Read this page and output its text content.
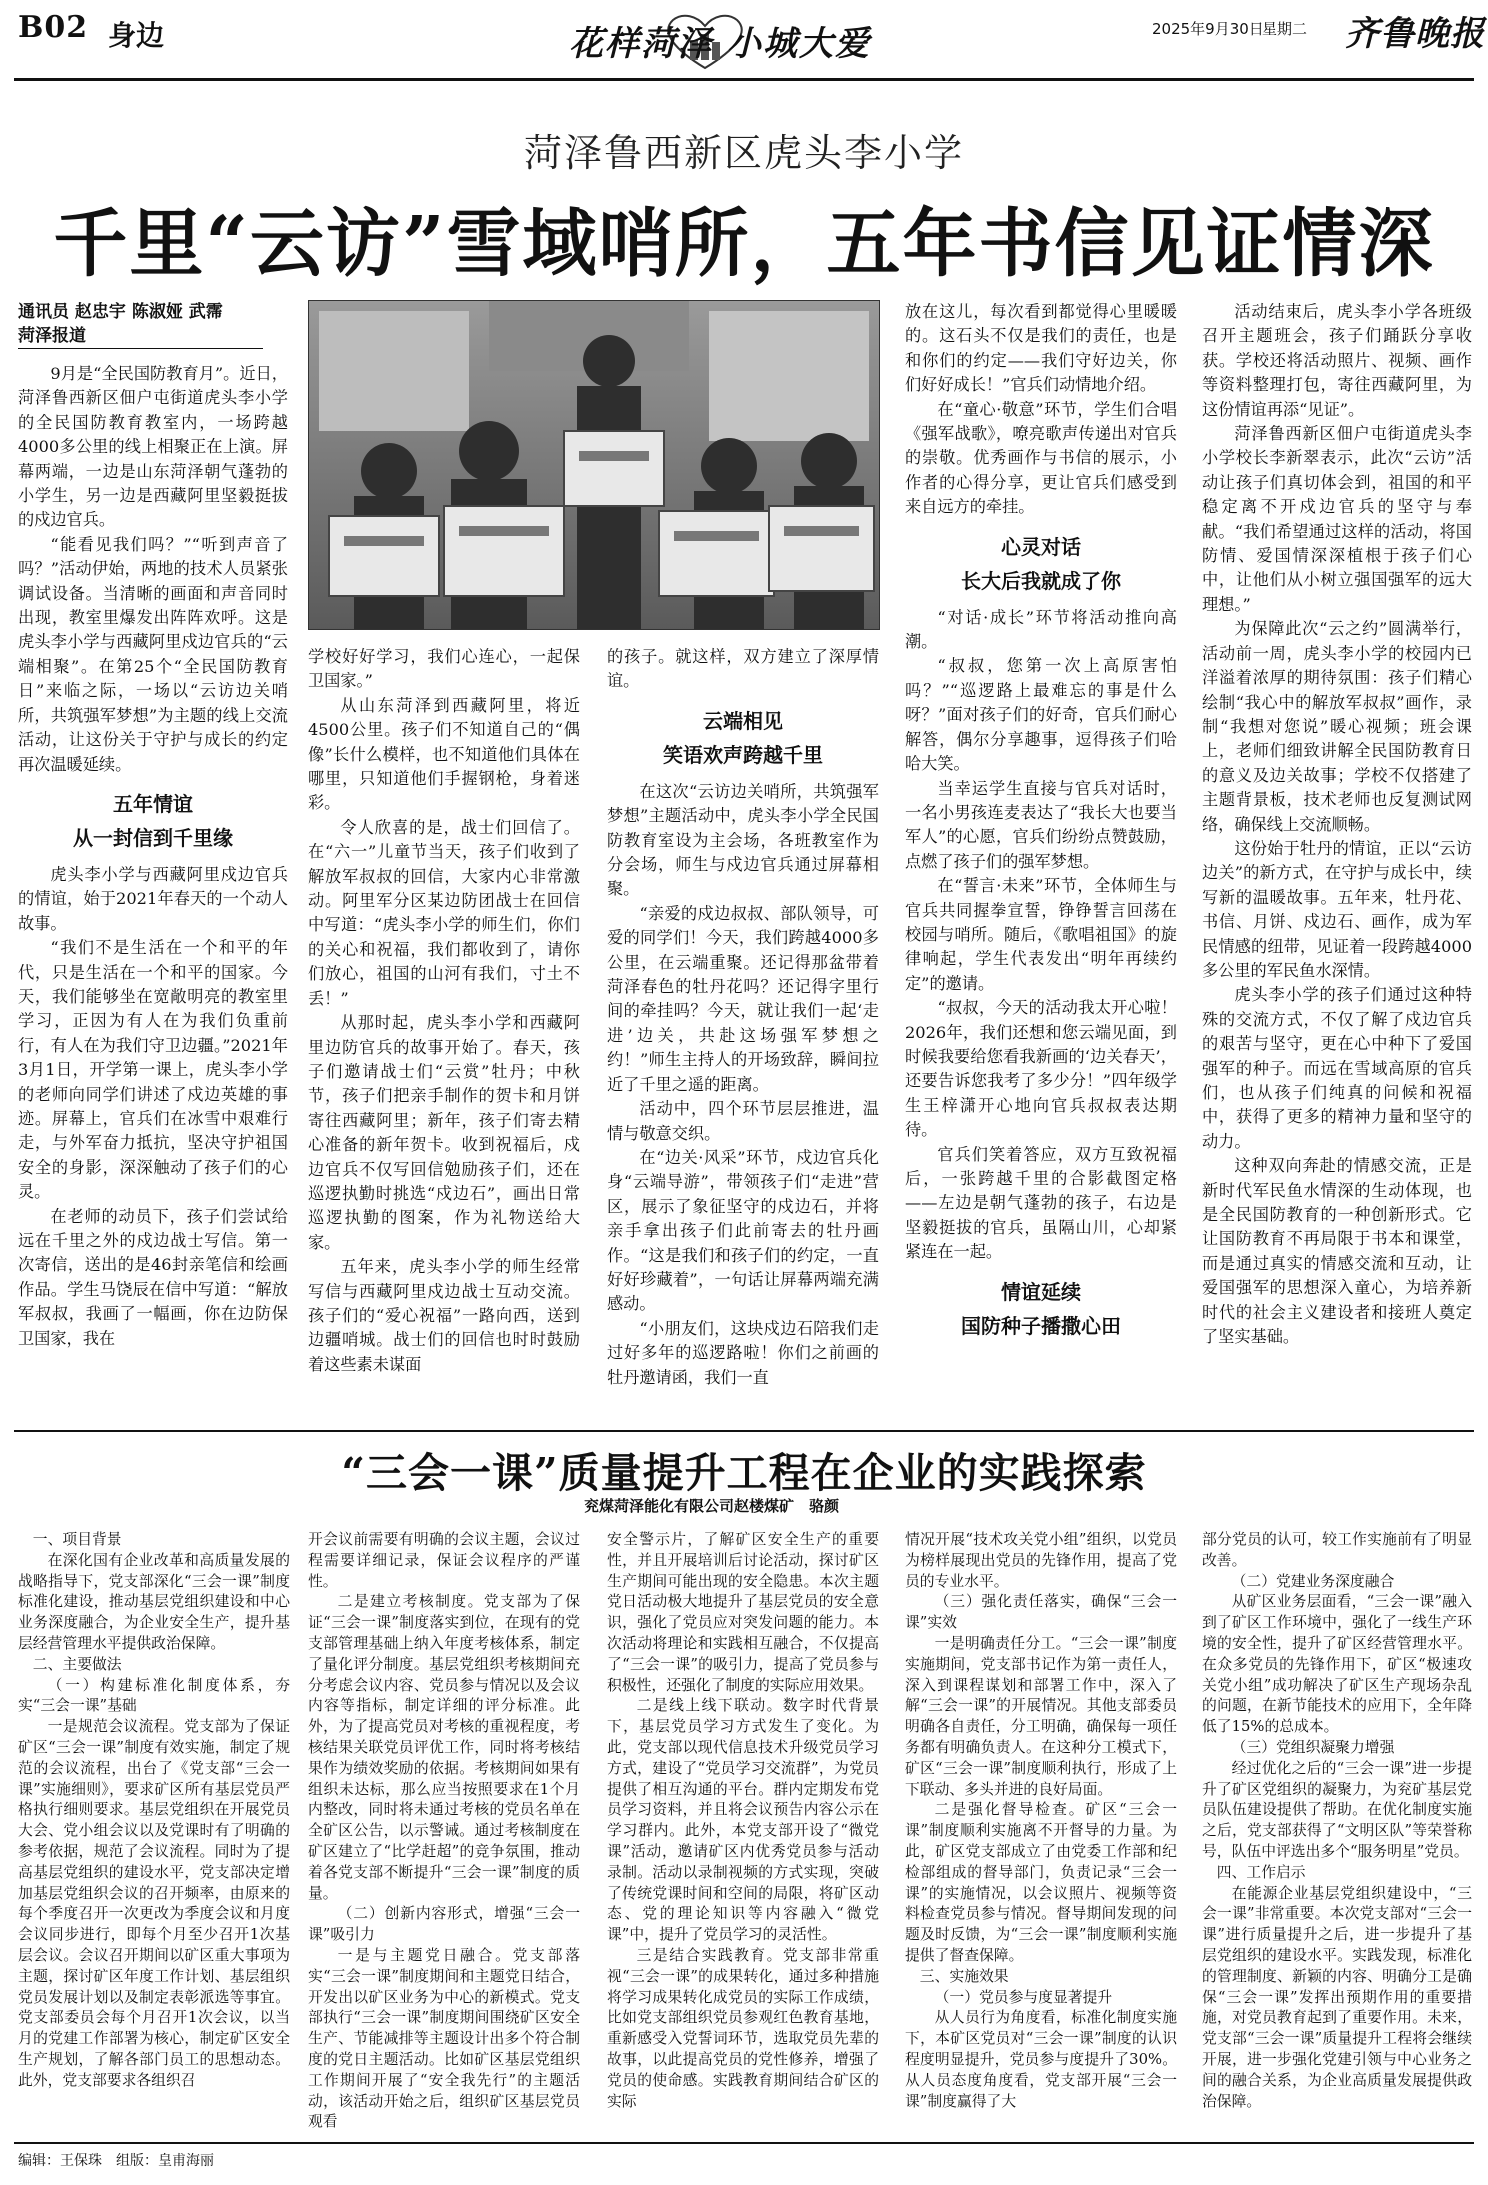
B02 身边	花样菏泽 小城大爱	2025年9月30日
星期二 齐鲁晚报
菏泽鲁西新区虎头李小学
千里“云访”雪域哨所，五年书信见证情深
通讯员 赵忠宇 陈淑娅 武霈
菏泽报道

9月是“全民国防教育月”。近日，菏泽鲁西新区佃户屯街道虎头李小学的全民国防教育教室内，一场跨越4000多公里的线上相聚正在上演。屏幕两端，一边是山东菏泽朝气蓬勃的小学生，另一边是西藏阿里坚毅挺拔的戍边官兵。

“能看见我们吗？”“听到声音了吗？”活动伊始，两地的技术人员紧张调试设备。当清晰的画面和声音同时出现，教室里爆发出阵阵欢呼。这是虎头李小学与西藏阿里戍边官兵的“云端相聚”。在第25个“全民国防教育日”来临之际，一场以“云访边关哨所，共筑强军梦想”为主题的线上交流活动，让这份关于守护与成长的约定再次温暖延续。

五年情谊
从一封信到千里缘

虎头李小学与西藏阿里戍边官兵的情谊，始于2021年春天的一个动人故事。

“我们不是生活在一个和平的年代，只是生活在一个和平的国家。今天，我们能够坐在宽敞明亮的教室里学习，正因为有人在为我们负重前行，有人在为我们守卫边疆。”2021年3月1日，开学第一课上，虎头李小学的老师向同学们讲述了戍边英雄的事迹。屏幕上，官兵们在冰雪中艰难行走，与外军奋力抵抗，坚决守护祖国安全的身影，深深触动了孩子们的心灵。

在老师的动员下，孩子们尝试给远在千里之外的戍边战士写信。第一次寄信，送出的是46封亲笔信和绘画作品。学生马饶辰在信中写道：“解放军叔叔，我画了一幅画，你在边防保卫国家，我在

学校好好学习，我们心连心，一起保卫国家。”

从山东菏泽到西藏阿里，将近4500公里。孩子们不知道自己的“偶像”长什么模样，也不知道他们具体在哪里，只知道他们手握钢枪，身着迷彩。

令人欣喜的是，战士们回信了。在“六一”儿童节当天，孩子们收到了解放军叔叔的回信，大家内心非常激动。阿里军分区某边防团战士在回信中写道：“虎头李小学的师生们，你们的关心和祝福，我们都收到了，请你们放心，祖国的山河有我们，寸土不丢！”

从那时起，虎头李小学和西藏阿里边防官兵的故事开始了。春天，孩子们邀请战士们“云赏”牡丹；中秋节，孩子们把亲手制作的贺卡和月饼寄往西藏阿里；新年，孩子们寄去精心准备的新年贺卡。收到祝福后，戍边官兵不仅写回信勉励孩子们，还在巡逻执勤时挑选“戍边石”，画出日常巡逻执勤的图案，作为礼物送给大家。

五年来，虎头李小学的师生经常写信与西藏阿里戍边战士互动交流。孩子们的“爱心祝福”一路向西，送到边疆哨城。战士们的回信也时时鼓励着这些素未谋面

的孩子。就这样，双方建立了深厚情谊。

云端相见
笑语欢声跨越千里

在这次“云访边关哨所，共筑强军梦想”主题活动中，虎头李小学全民国防教育室设为主会场，各班教室作为分会场，师生与戍边官兵通过屏幕相聚。

“亲爱的戍边叔叔、部队领导，可爱的同学们！今天，我们跨越4000多公里，在云端重聚。还记得那盆带着菏泽春色的牡丹花吗？还记得字里行间的牵挂吗？今天，就让我们一起‘走进’边关，共赴这场强军梦想之约！”师生主持人的开场致辞，瞬间拉近了千里之遥的距离。

活动中，四个环节层层推进，温情与敬意交织。

在“边关·风采”环节，戍边官兵化身“云端导游”，带领孩子们“走进”营区，展示了象征坚守的戍边石，并将亲手拿出孩子们此前寄去的牡丹画作。“这是我们和孩子们的约定，一直好好珍藏着”，一句话让屏幕两端充满感动。

“小朋友们，这块戍边石陪我们走过好多年的巡逻路啦！你们之前画的牡丹邀请函，我们一直

放在这儿，每次看到都觉得心里暖暖的。这石头不仅是我们的责任，也是和你们的约定——我们守好边关，你们好好成长！”官兵们动情地介绍。

在“童心·敬意”环节，学生们合唱《强军战歌》，嘹亮歌声传递出对官兵的崇敬。优秀画作与书信的展示，小作者的心得分享，更让官兵们感受到来自远方的牵挂。

心灵对话
长大后我就成了你

“对话·成长”环节将活动推向高潮。

“叔叔，您第一次上高原害怕吗？”“巡逻路上最难忘的事是什么呀？”面对孩子们的好奇，官兵们耐心解答，偶尔分享趣事，逗得孩子们哈哈大笑。

当幸运学生直接与官兵对话时，一名小男孩连麦表达了“我长大也要当军人”的心愿，官兵们纷纷点赞鼓励，点燃了孩子们的强军梦想。

在“誓言·未来”环节，全体师生与官兵共同握拳宣誓，铮铮誓言回荡在校园与哨所。随后，《歌唱祖国》的旋律响起，学生代表发出“明年再续约定”的邀请。

“叔叔，今天的活动我太开心啦！2026年，我们还想和您云端见面，到时候我要给您看我新画的‘边关春天’，还要告诉您我考了多少分！”四年级学生王梓潇开心地向官兵叔叔表达期待。

官兵们笑着答应，双方互致祝福后，一张跨越千里的合影截图定格——左边是朝气蓬勃的孩子，右边是坚毅挺拔的官兵，虽隔山川，心却紧紧连在一起。

情谊延续
国防种子播撒心田

活动结束后，虎头李小学各班级召开主题班会，孩子们踊跃分享收获。学校还将活动照片、视频、画作等资料整理打包，寄往西藏阿里，为这份情谊再添“见证”。

菏泽鲁西新区佃户屯街道虎头李小学校长李新翠表示，此次“云访”活动让孩子们真切体会到，祖国的和平稳定离不开戍边官兵的坚守与奉献。“我们希望通过这样的活动，将国防情、爱国情深深植根于孩子们心中，让他们从小树立强国强军的远大理想。”

为保障此次“云之约”圆满举行，活动前一周，虎头李小学的校园内已洋溢着浓厚的期待氛围：孩子们精心绘制“我心中的解放军叔叔”画作，录制“我想对您说”暖心视频；班会课上，老师们细致讲解全民国防教育日的意义及边关故事；学校不仅搭建了主题背景板，技术老师也反复测试网络，确保线上交流顺畅。

这份始于牡丹的情谊，正以“云访边关”的新方式，在守护与成长中，续写新的温暖故事。五年来，牡丹花、书信、月饼、戍边石、画作，成为军民情感的纽带，见证着一段跨越4000多公里的军民鱼水深情。

虎头李小学的孩子们通过这种特殊的交流方式，不仅了解了戍边官兵的艰苦与坚守，更在心中种下了爱国强军的种子。而远在雪域高原的官兵们，也从孩子们纯真的问候和祝福中，获得了更多的精神力量和坚守的动力。

这种双向奔赴的情感交流，正是新时代军民鱼水情深的生动体现，也是全民国防教育的一种创新形式。它让国防教育不再局限于书本和课堂，而是通过真实的情感交流和互动，让爱国强军的思想深入童心，为培养新时代的社会主义建设者和接班人奠定了坚实基础。

“三会一课”质量提升工程在企业的实践探索
兖煤菏泽能化有限公司赵楼煤矿　骆颜

一、项目背景

在深化国有企业改革和高质量发展的战略指导下，党支部深化“三会一课”制度标准化建设，推动基层党组织建设和中心业务深度融合，为企业安全生产，提升基层经营管理水平提供政治保障。

二、主要做法

（一）构建标准化制度体系，夯实“三会一课”基础

一是规范会议流程。党支部为了保证矿区“三会一课”制度有效实施，制定了规范的会议流程，出台了《党支部“三会一课”实施细则》，要求矿区所有基层党员严格执行细则要求。基层党组织在开展党员大会、党小组会议以及党课时有了明确的参考依据，规范了会议流程。同时为了提高基层党组织的建设水平，党支部决定增加基层党组织会议的召开频率，由原来的每个季度召开一次更改为季度会议和月度会议同步进行，即每个月至少召开1次基层会议。会议召开期间以矿区重大事项为主题，探讨矿区年度工作计划、基层组织党员发展计划以及制定表彰派选等事宜。党支部委员会每个月召开1次会议，以当月的党建工作部署为核心，制定矿区安全生产规划，了解各部门员工的思想动态。此外，党支部要求各组织召

开会议前需要有明确的会议主题，会议过程需要详细记录，保证会议程序的严谨性。

二是建立考核制度。党支部为了保证“三会一课”制度落实到位，在现有的党支部管理基础上纳入年度考核体系，制定了量化评分制度。基层党组织考核期间充分考虑会议内容、党员参与情况以及会议内容等指标，制定详细的评分标准。此外，为了提高党员对考核的重视程度，考核结果关联党员评优工作，同时将考核结果作为绩效奖励的依据。考核期间如果有组织未达标，那么应当按照要求在1个月内整改，同时将未通过考核的党员名单在全矿区公告，以示警诫。通过考核制度在矿区建立了“比学赶超”的竞争氛围，推动着各党支部不断提升“三会一课”制度的质量。

（二）创新内容形式，增强“三会一课”吸引力

一是与主题党日融合。党支部落实“三会一课”制度期间和主题党日结合，开发出以矿区业务为中心的新模式。党支部执行“三会一课”制度期间围绕矿区安全生产、节能减排等主题设计出多个符合制度的党日主题活动。比如矿区基层党组织工作期间开展了“安全我先行”的主题活动，该活动开始之后，组织矿区基层党员观看

安全警示片，了解矿区安全生产的重要性，并且开展培训后讨论活动，探讨矿区生产期间可能出现的安全隐患。本次主题党日活动极大地提升了基层党员的安全意识，强化了党员应对突发问题的能力。本次活动将理论和实践相互融合，不仅提高了“三会一课”的吸引力，提高了党员参与积极性，还强化了制度的实际应用效果。

二是线上线下联动。数字时代背景下，基层党员学习方式发生了变化。为此，党支部以现代信息技术升级党员学习方式，建设了“党员学习交流群”，为党员提供了相互沟通的平台。群内定期发布党员学习资料，并且将会议预告内容公示在学习群内。此外，本党支部开设了“微党课”活动，邀请矿区内优秀党员参与活动录制。活动以录制视频的方式实现，突破了传统党课时间和空间的局限，将矿区动态、党的理论知识等内容融入“微党课”中，提升了党员学习的灵活性。

三是结合实践教育。党支部非常重视“三会一课”的成果转化，通过多种措施将学习成果转化成党员的实际工作成绩，比如党支部组织党员参观红色教育基地，重新感受入党誓词环节，选取党员先辈的故事，以此提高党员的党性修养，增强了党员的使命感。实践教育期间结合矿区的实际

情况开展“技术攻关党小组”组织，以党员为榜样展现出党员的先锋作用，提高了党员的专业水平。

（三）强化责任落实，确保“三会一课”实效

一是明确责任分工。“三会一课”制度实施期间，党支部书记作为第一责任人，深入到课程谋划和部署工作中，深入了解“三会一课”的开展情况。其他支部委员明确各自责任，分工明确，确保每一项任务都有明确负责人。在这种分工模式下，矿区“三会一课”制度顺利执行，形成了上下联动、多头并进的良好局面。

二是强化督导检查。矿区“三会一课”制度顺利实施离不开督导的力量。为此，矿区党支部成立了由党委工作部和纪检部组成的督导部门，负责记录“三会一课”的实施情况，以会议照片、视频等资料检查党员参与情况。督导期间发现的问题及时反馈，为“三会一课”制度顺利实施提供了督查保障。

三、实施效果

（一）党员参与度显著提升

从人员行为角度看，标准化制度实施下，本矿区党员对“三会一课”制度的认识程度明显提升，党员参与度提升了30%。从人员态度角度看，党支部开展“三会一课”制度赢得了大

部分党员的认可，较工作实施前有了明显改善。

（二）党建业务深度融合

从矿区业务层面看，“三会一课”融入到了矿区工作环境中，强化了一线生产环境的安全性，提升了矿区经营管理水平。在众多党员的先锋作用下，矿区“极速攻关党小组”成功解决了矿区生产现场杂乱的问题，在新节能技术的应用下，全年降低了15%的总成本。

（三）党组织凝聚力增强

经过优化之后的“三会一课”进一步提升了矿区党组织的凝聚力，为兖矿基层党员队伍建设提供了帮助。在优化制度实施之后，党支部获得了“文明区队”等荣誉称号，队伍中评选出多个“服务明星”党员。

四、工作启示

在能源企业基层党组织建设中，“三会一课”非常重要。本次党支部对“三会一课”进行质量提升之后，进一步提升了基层党组织的建设水平。实践发现，标准化的管理制度、新颖的内容、明确分工是确保“三会一课”发挥出预期作用的重要措施，对党员教育起到了重要作用。未来，党支部“三会一课”质量提升工程将会继续开展，进一步强化党建引领与中心业务之间的融合关系，为企业高质量发展提供政治保障。

编辑：王保珠　组版：皇甫海丽
